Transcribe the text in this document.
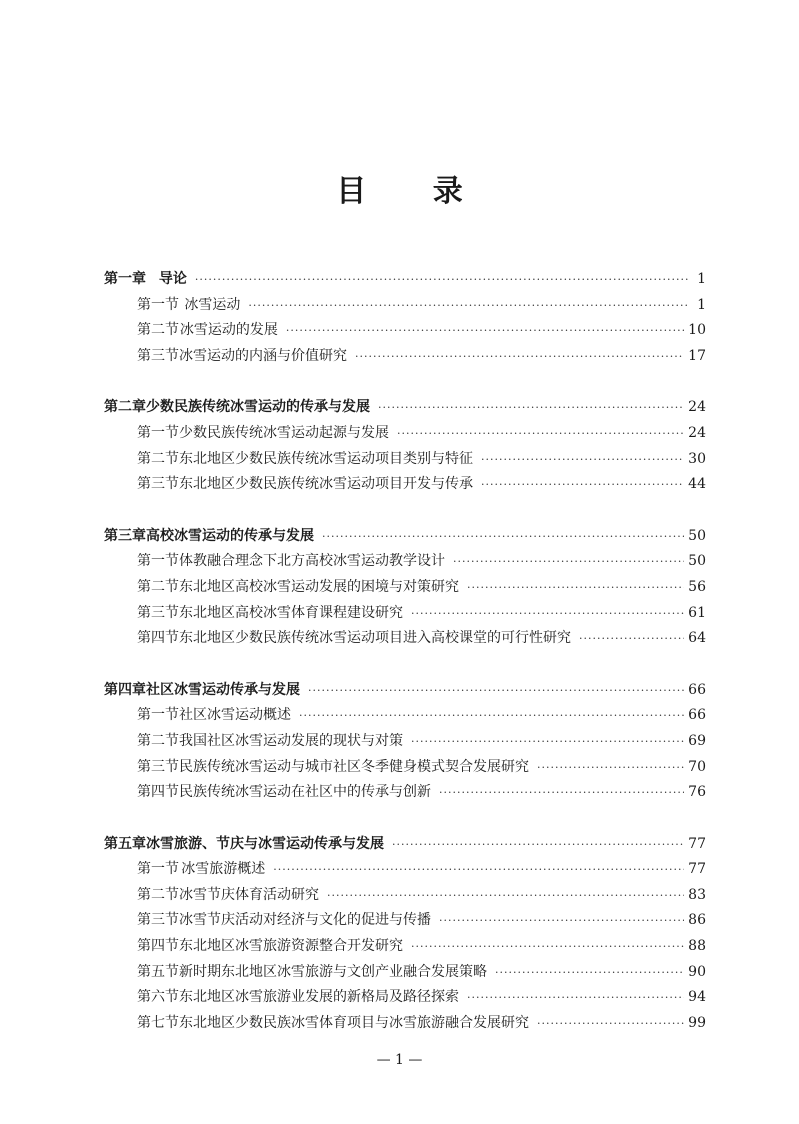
目 录
第一章 导论 ·····	1
第一节 冰雪运动 ·····	1
第二节 冰雪运动的发展 ·····	10
第三节 冰雪运动的内涵与价值研究 ·····	17
第二章 少数民族传统冰雪运动的传承与发展 ·····	24
第一节 少数民族传统冰雪运动起源与发展 ·····	24
第二节 东北地区少数民族传统冰雪运动项目类别与特征 ·····	30
第三节 东北地区少数民族传统冰雪运动项目开发与传承 ·····	44
第三章 高校冰雪运动的传承与发展 ·····	50
第一节 体教融合理念下北方高校冰雪运动教学设计 ·····	50
第二节 东北地区高校冰雪运动发展的困境与对策研究 ·····	56
第三节 东北地区高校冰雪体育课程建设研究 ·····	61
第四节 东北地区少数民族传统冰雪运动项目进入高校课堂的可行性研究 ·····	64
第四章 社区冰雪运动传承与发展 ·····	66
第一节 社区冰雪运动概述 ·····	66
第二节 我国社区冰雪运动发展的现状与对策 ·····	69
第三节 民族传统冰雪运动与城市社区冬季健身模式契合发展研究 ·····	70
第四节 民族传统冰雪运动在社区中的传承与创新 ·····	76
第五章 冰雪旅游、节庆与冰雪运动传承与发展 ·····	77
第一节 冰雪旅游概述 ·····	77
第二节 冰雪节庆体育活动研究 ·····	83
第三节 冰雪节庆活动对经济与文化的促进与传播 ·····	86
第四节 东北地区冰雪旅游资源整合开发研究 ·····	88
第五节 新时期东北地区冰雪旅游与文创产业融合发展策略 ·····	90
第六节 东北地区冰雪旅游业发展的新格局及路径探索 ·····	94
第七节 东北地区少数民族冰雪体育项目与冰雪旅游融合发展研究 ·····	99
— 1 —
